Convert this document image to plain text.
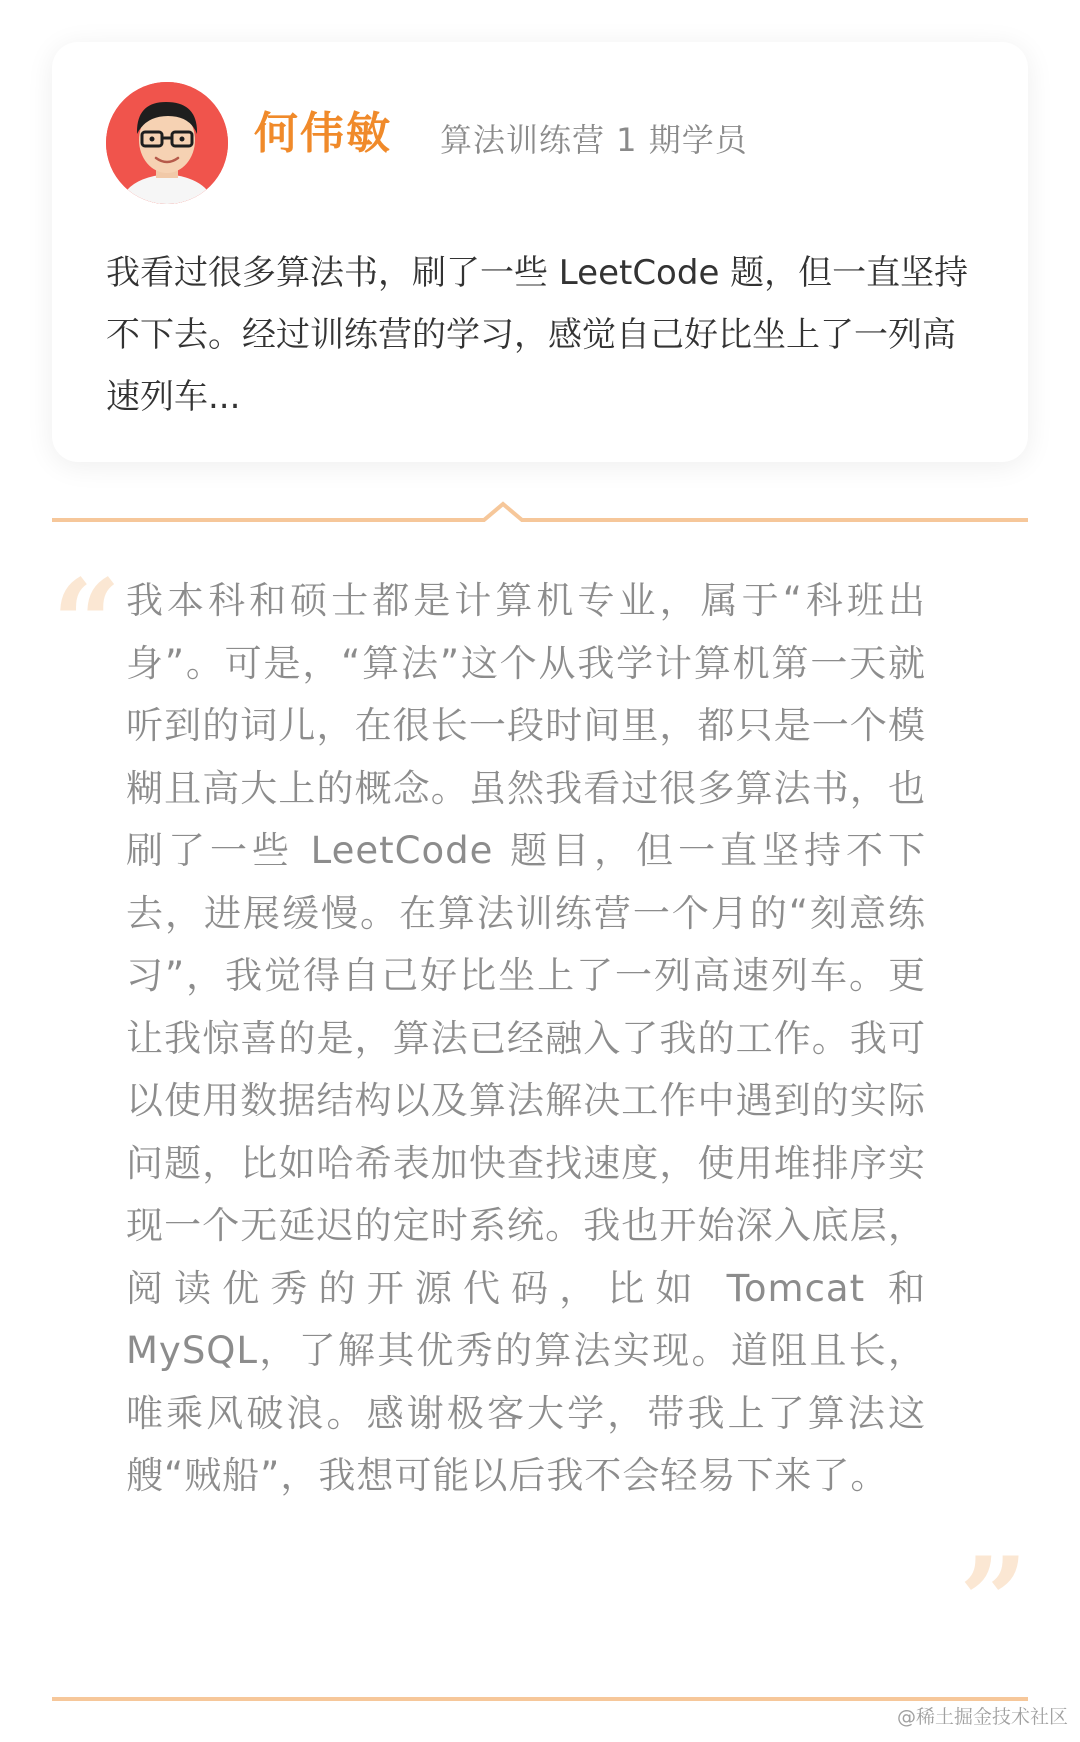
何伟敏 算法训练营 1 期学员

我看过很多算法书，刷了一些 LeetCode 题，但一直坚持不下去。经过训练营的学习，感觉自己好比坐上了一列高速列车...

“ 我本科和硕士都是计算机专业，属于“科班出身”。可是，“算法”这个从我学计算机第一天就听到的词儿，在很长一段时间里，都只是一个模糊且高大上的概念。虽然我看过很多算法书，也刷了一些 LeetCode 题目，但一直坚持不下去，进展缓慢。在算法训练营一个月的“刻意练习”，我觉得自己好比坐上了一列高速列车。更让我惊喜的是，算法已经融入了我的工作。我可以使用数据结构以及算法解决工作中遇到的实际问题，比如哈希表加快查找速度，使用堆排序实现一个无延迟的定时系统。我也开始深入底层，阅读优秀的开源代码，比如 Tomcat 和 MySQL，了解其优秀的算法实现。道阻且长，唯乘风破浪。感谢极客大学，带我上了算法这艘“贼船”，我想可能以后我不会轻易下来了。

”
@稀土掘金技术社区
